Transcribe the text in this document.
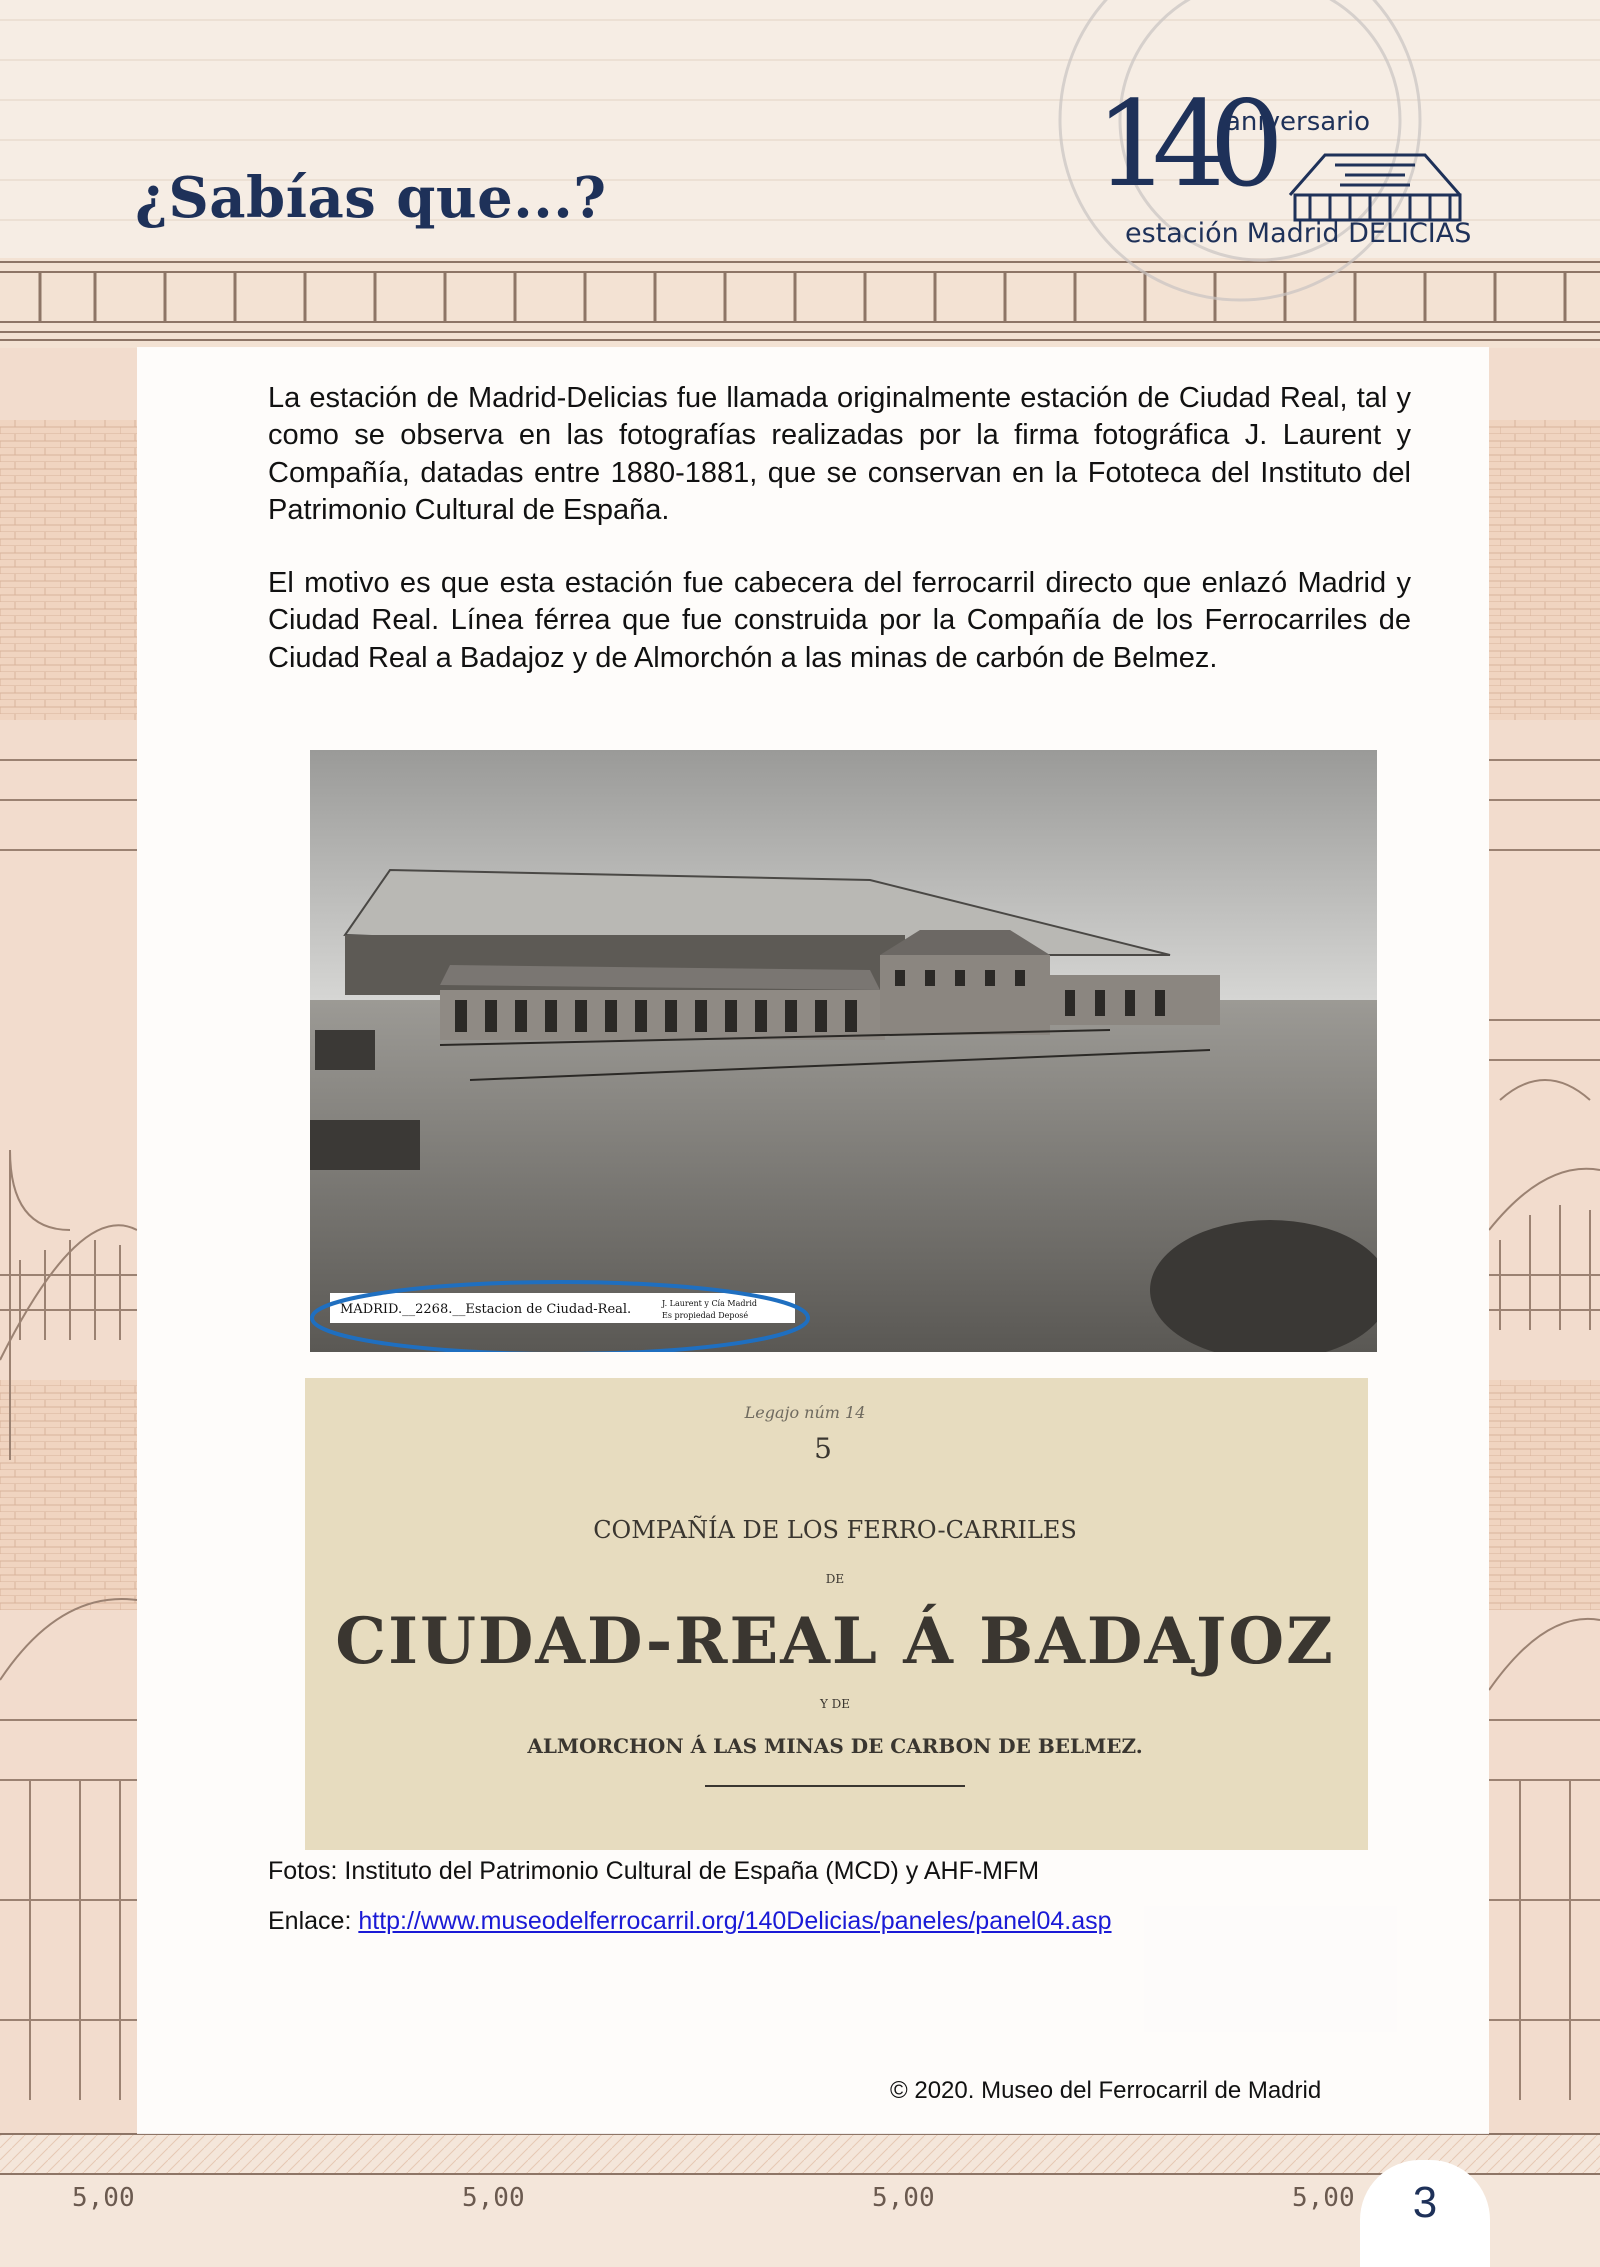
¿Sabías que...?	140
aniversario
estación Madrid DELICIAS

La estación de Madrid-Delicias fue llamada originalmente estación de Ciudad Real, tal y como se observa en las fotografías realizadas por la firma fotográfica J. Laurent y Compañía, datadas entre 1880-1881, que se conservan en la Fototeca del Instituto del Patrimonio Cultural de España.

El motivo es que esta estación fue cabecera del ferrocarril directo que enlazó Madrid y Ciudad Real. Línea férrea que fue construida por la Compañía de los Ferrocarriles de Ciudad Real a Badajoz y de Almorchón a las minas de carbón de Belmez.

MADRID.__2268.__Estacion de Ciudad-Real.	J. Laurent y Cía Madrid
Es propiedad Deposé
Legajo núm 14
5
COMPAÑÍA DE LOS FERRO-CARRILES
DE
CIUDAD-REAL Á BADAJOZ
Y DE
ALMORCHON Á LAS MINAS DE CARBON DE BELMEZ.

Fotos: Instituto del Patrimonio Cultural de España (MCD) y AHF-MFM

Enlace: http://www.museodelferrocarril.org/140Delicias/paneles/panel04.asp

© 2020. Museo del Ferrocarril de Madrid

5,00	5,00	5,00	5,00	3
